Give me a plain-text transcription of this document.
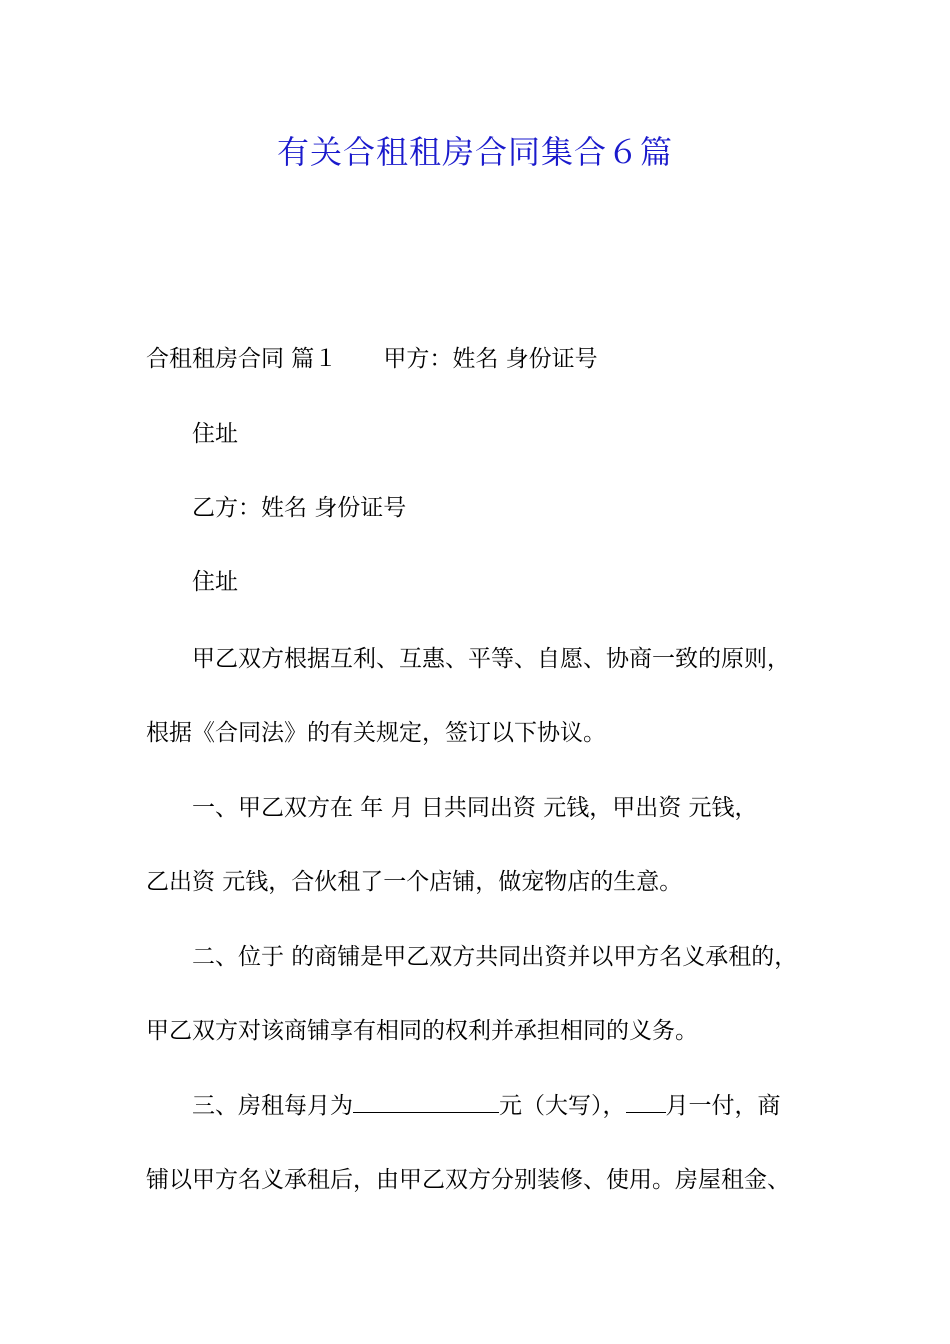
有关合租租房合同集合６篇
合租租房合同 篇１ 甲方：姓名 身份证号
住址
乙方：姓名 身份证号
住址
甲乙双方根据互利、互惠、平等、自愿、协商一致的原则，
根据《合同法》的有关规定，签订以下协议。
一、甲乙双方在 年 月 日共同出资 元钱，甲出资 元钱，
乙出资 元钱，合伙租了一个店铺，做宠物店的生意。
二、位于 的商铺是甲乙双方共同出资并以甲方名义承租的，
甲乙双方对该商铺享有相同的权利并承担相同的义务。
三、房租每月为	元（大写）， 月一付，商
铺以甲方名义承租后，由甲乙双方分别装修、使用。房屋租金、
